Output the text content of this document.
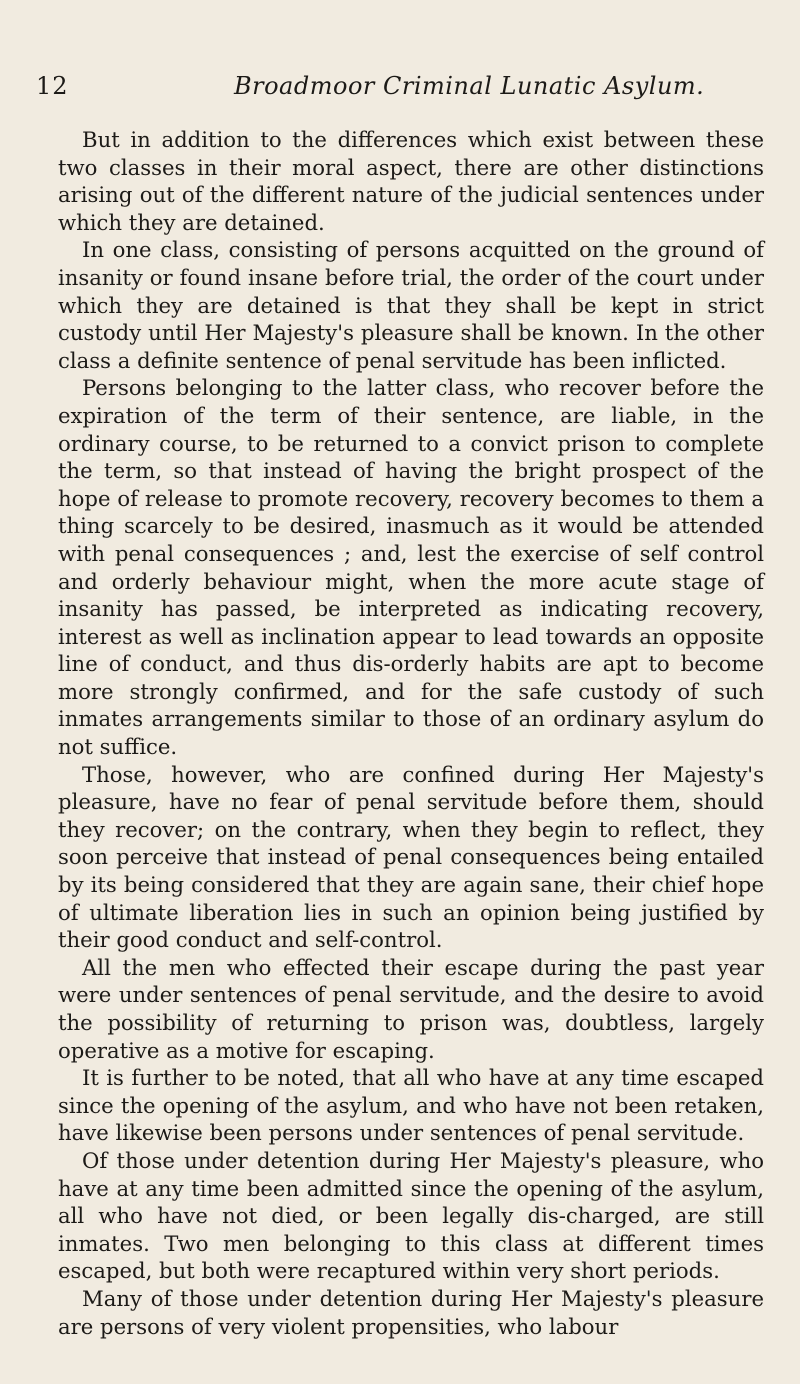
12	Broadmoor Criminal Lunatic Asylum.

But in addition to the differences which exist between these two classes in their moral aspect, there are other distinctions arising out of the different nature of the judicial sentences under which they are detained.

In one class, consisting of persons acquitted on the ground of insanity or found insane before trial, the order of the court under which they are detained is that they shall be kept in strict custody until Her Majesty's pleasure shall be known. In the other class a definite sentence of penal servitude has been inflicted.

Persons belonging to the latter class, who recover before the expiration of the term of their sentence, are liable, in the ordinary course, to be returned to a convict prison to complete the term, so that instead of having the bright prospect of the hope of release to promote recovery, recovery becomes to them a thing scarcely to be desired, inasmuch as it would be attended with penal consequences ; and, lest the exercise of self control and orderly behaviour might, when the more acute stage of insanity has passed, be interpreted as indicating recovery, interest as well as inclination appear to lead towards an opposite line of conduct, and thus dis-orderly habits are apt to become more strongly confirmed, and for the safe custody of such inmates arrangements similar to those of an ordinary asylum do not suffice.

Those, however, who are confined during Her Majesty's pleasure, have no fear of penal servitude before them, should they recover; on the contrary, when they begin to reflect, they soon perceive that instead of penal consequences being entailed by its being considered that they are again sane, their chief hope of ultimate liberation lies in such an opinion being justified by their good conduct and self-control.

All the men who effected their escape during the past year were under sentences of penal servitude, and the desire to avoid the possibility of returning to prison was, doubtless, largely operative as a motive for escaping.

It is further to be noted, that all who have at any time escaped since the opening of the asylum, and who have not been retaken, have likewise been persons under sentences of penal servitude.

Of those under detention during Her Majesty's pleasure, who have at any time been admitted since the opening of the asylum, all who have not died, or been legally dis-charged, are still inmates. Two men belonging to this class at different times escaped, but both were recaptured within very short periods.

Many of those under detention during Her Majesty's pleasure are persons of very violent propensities, who labour
